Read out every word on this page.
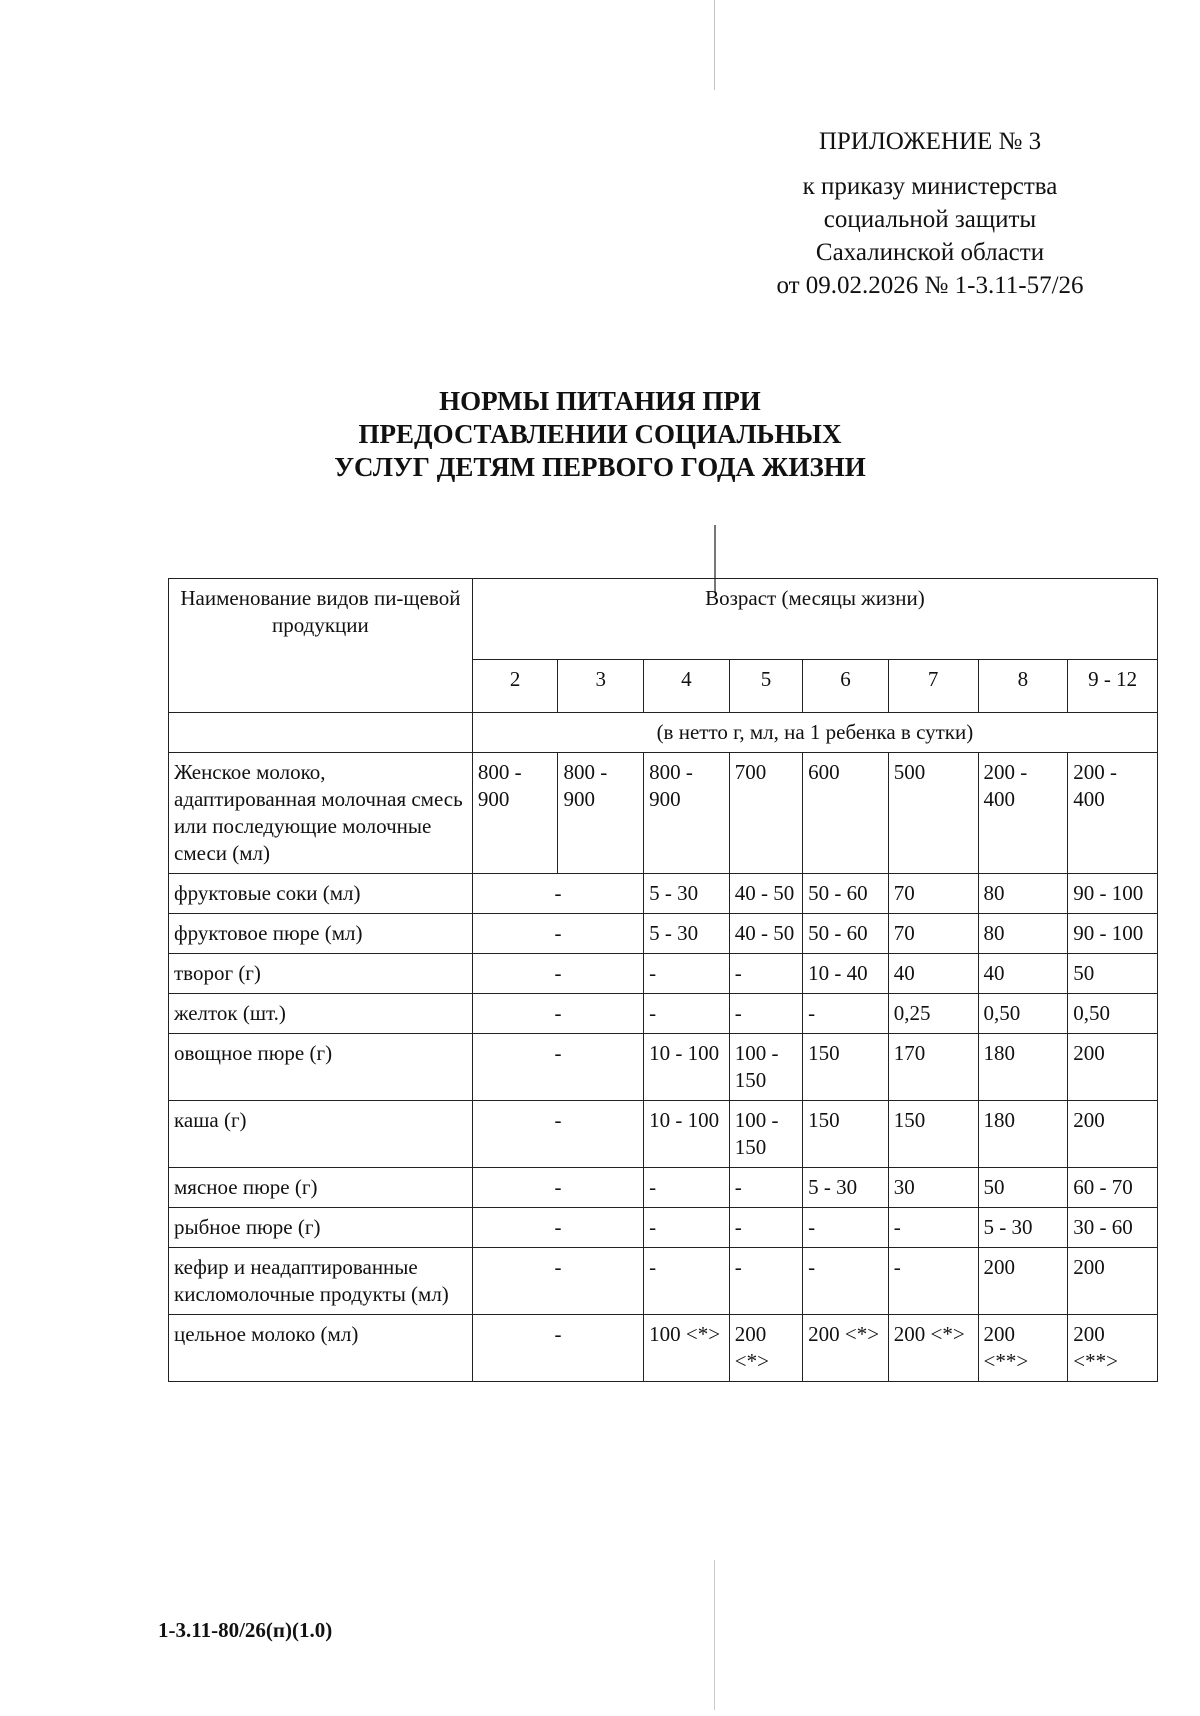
ПРИЛОЖЕНИЕ № 3
к приказу министерства
социальной защиты
Сахалинской области
от 09.02.2026 № 1-3.11-57/26
НОРМЫ ПИТАНИЯ ПРИ
ПРЕДОСТАВЛЕНИИ СОЦИАЛЬНЫХ
УСЛУГ ДЕТЯМ ПЕРВОГО ГОДА ЖИЗНИ
Наименование видов пи-щевой продукции	Возраст (месяцы жизни)							
	2	3	4	5	6	7	8	9 - 12
	(в нетто г, мл, на 1 ребенка в сутки)							
Женское молоко, адаптированная молочная смесь или последующие молочные смеси (мл)	800 - 900	800 - 900	800 - 900	700	600	500	200 - 400	200 - 400
фруктовые соки (мл)	-		5 - 30	40 - 50	50 - 60	70	80	90 - 100
фруктовое пюре (мл)	-		5 - 30	40 - 50	50 - 60	70	80	90 - 100
творог (г)	-		-	-	10 - 40	40	40	50
желток (шт.)	-		-	-	-	0,25	0,50	0,50
овощное пюре (г)	-		10 - 100	100 - 150	150	170	180	200
каша (г)	-		10 - 100	100 - 150	150	150	180	200
мясное пюре (г)	-		-	-	5 - 30	30	50	60 - 70
рыбное пюре (г)	-		-	-	-	-	5 - 30	30 - 60
кефир и неадаптированные кисломолочные продукты (мл)	-		-	-	-	-	200	200
цельное молоко (мл)	-		100 <*>	200 <*>	200 <*>	200 <*>	200 <**>	200 <**>
1-3.11-80/26(п)(1.0)
